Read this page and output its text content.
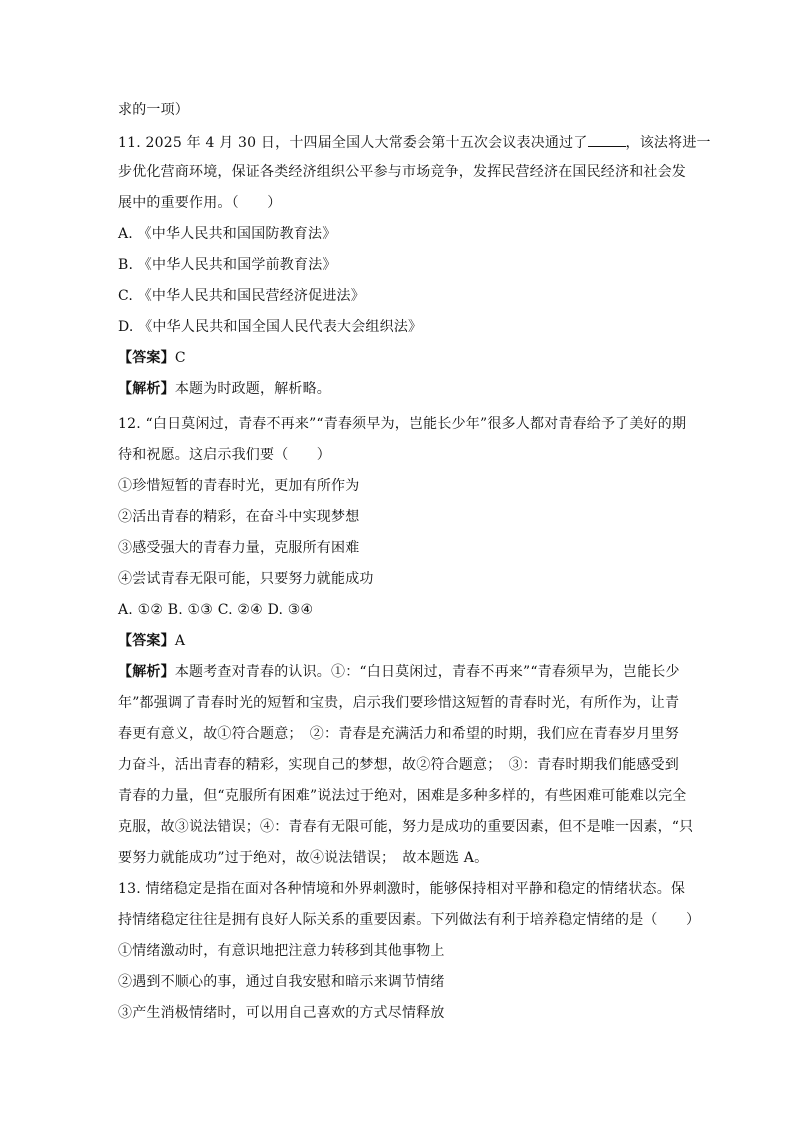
求的一项）
11. 2025 年 4 月 30 日，十四届全国人大常委会第十五次会议表决通过了	，该法将进一
步优化营商环境，保证各类经济组织公平参与市场竞争，发挥民营经济在国民经济和社会发
展中的重要作用。（　　）
A. 《中华人民共和国国防教育法》
B. 《中华人民共和国学前教育法》
C. 《中华人民共和国民营经济促进法》
D. 《中华人民共和国全国人民代表大会组织法》
【答案】C
【解析】本题为时政题，解析略。
12. “白日莫闲过，青春不再来”“青春须早为，岂能长少年”很多人都对青春给予了美好的期
待和祝愿。这启示我们要（　　）
①珍惜短暂的青春时光，更加有所作为
②活出青春的精彩，在奋斗中实现梦想
③感受强大的青春力量，克服所有困难
④尝试青春无限可能，只要努力就能成功
A. ①② B. ①③ C. ②④ D. ③④
【答案】A
【解析】本题考查对青春的认识。①：“白日莫闲过，青春不再来”“青春须早为，岂能长少
年”都强调了青春时光的短暂和宝贵，启示我们要珍惜这短暂的青春时光，有所作为，让青
春更有意义，故①符合题意；　②：青春是充满活力和希望的时期，我们应在青春岁月里努
力奋斗，活出青春的精彩，实现自己的梦想，故②符合题意；　③：青春时期我们能感受到
青春的力量，但“克服所有困难”说法过于绝对，困难是多种多样的，有些困难可能难以完全
克服，故③说法错误；④：青春有无限可能，努力是成功的重要因素，但不是唯一因素，“只
要努力就能成功”过于绝对，故④说法错误；　故本题选 A。
13. 情绪稳定是指在面对各种情境和外界刺激时，能够保持相对平静和稳定的情绪状态。保
持情绪稳定往往是拥有良好人际关系的重要因素。下列做法有利于培养稳定情绪的是（　　）
①情绪激动时，有意识地把注意力转移到其他事物上
②遇到不顺心的事，通过自我安慰和暗示来调节情绪
③产生消极情绪时，可以用自己喜欢的方式尽情释放
